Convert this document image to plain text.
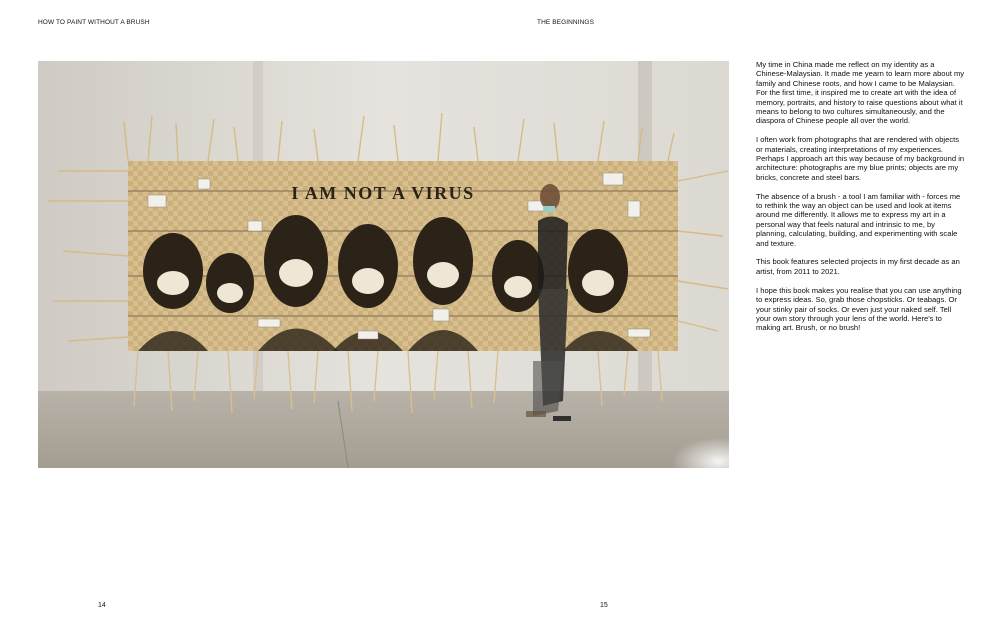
HOW TO PAINT WITHOUT A BRUSH	THE BEGINNINGS
I AM NOT A VIRUS

My time in China made me reflect on my identity as a Chinese-Malaysian. It made me yearn to learn more about my family and Chinese roots, and how I came to be Malaysian. For the first time, it inspired me to create art with the idea of memory, portraits, and history to raise questions about what it means to belong to two cultures simultaneously, and the diaspora of Chinese people all over the world.

I often work from photographs that are rendered with objects or materials, creating interpretations of my experiences. Perhaps I approach art this way because of my background in architecture: photographs are my blue prints; objects are my bricks, concrete and steel bars.

The absence of a brush - a tool I am familiar with - forces me to rethink the way an object can be used and look at items around me differently. It allows me to express my art in a personal way that feels natural and intrinsic to me, by planning, calculating, building, and experimenting with scale and texture.

This book features selected projects in my first decade as an artist, from 2011 to 2021.

I hope this book makes you realise that you can use anything to express ideas. So, grab those chopsticks. Or teabags. Or your stinky pair of socks. Or even just your naked self. Tell your own story through your lens of the world. Here's to making art. Brush, or no brush!

14	15
